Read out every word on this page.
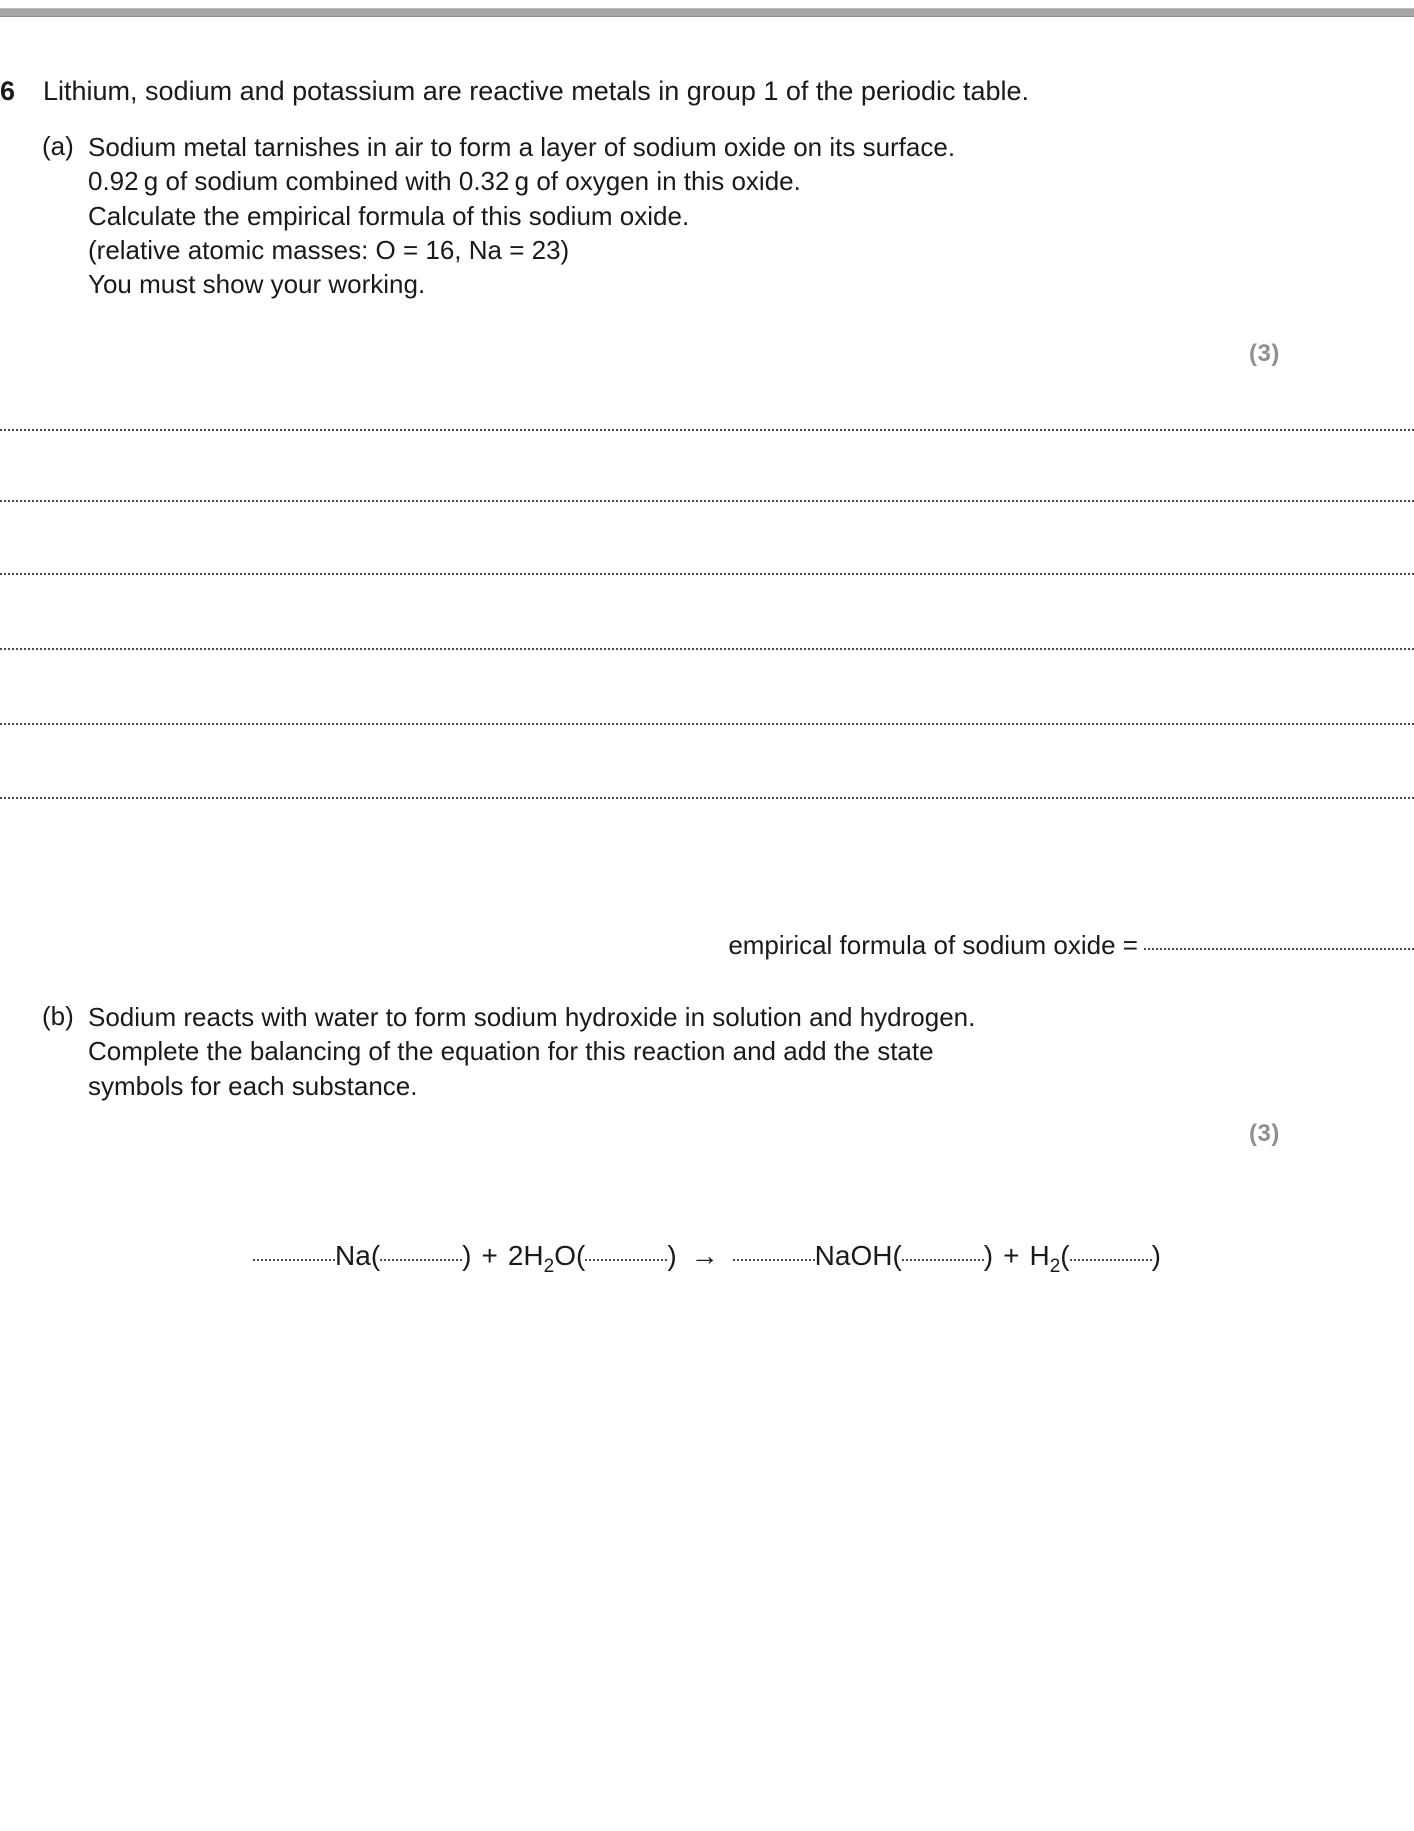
6	Lithium, sodium and potassium are reactive metals in group 1 of the periodic table.
(a) Sodium metal tarnishes in air to form a layer of sodium oxide on its surface.

0.92 g of sodium combined with 0.32 g of oxygen in this oxide.

Calculate the empirical formula of this sodium oxide.

(relative atomic masses: O = 16, Na = 23)

You must show your working.

(3)
empirical formula of sodium oxide =
(b) Sodium reacts with water to form sodium hydroxide in solution and hydrogen.

Complete the balancing of the equation for this reaction and add the state

symbols for each substance.

(3)
Na(	) + $2H_2O$(	) →	NaOH(	) + $H_2$(	)
